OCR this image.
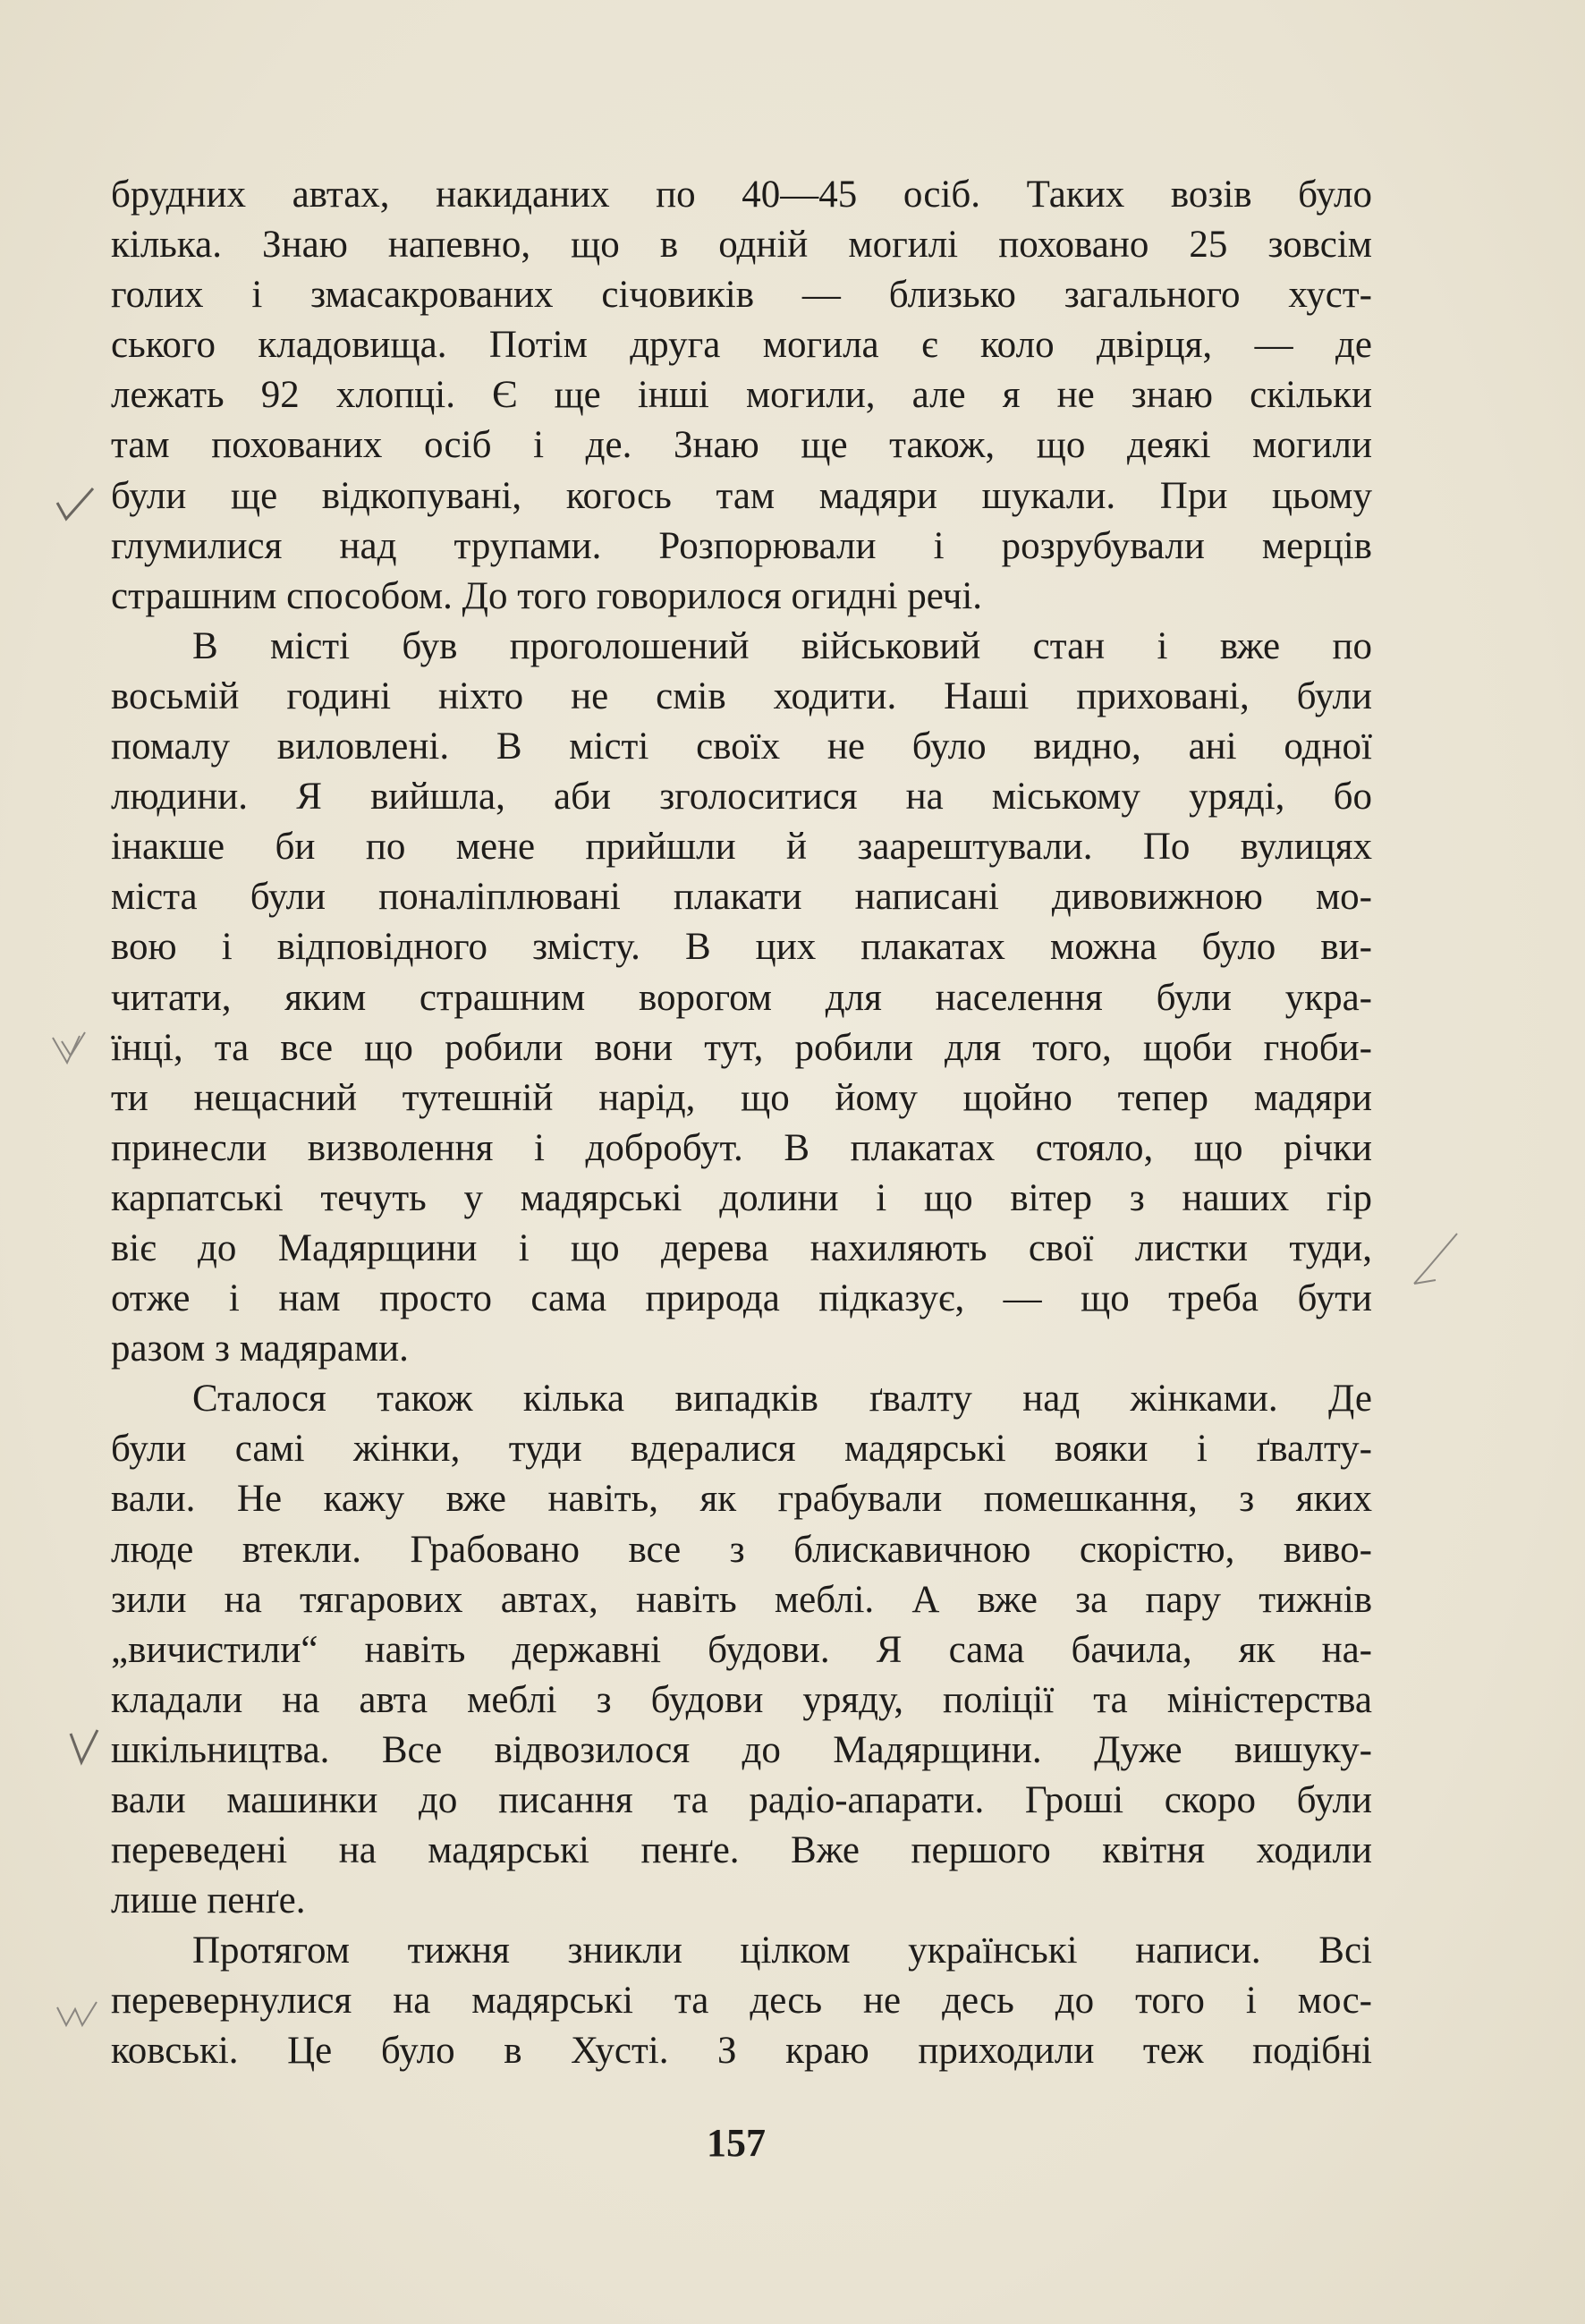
брудних автах, накиданих по 40—45 осіб. Таких возів було
кілька. Знаю напевно, що в одній могилі поховано 25 зовсім
голих і змасакрованих січовиків — близько загального хуст-
ського кладовища. Потім друга могила є коло двірця, — де
лежать 92 хлопці. Є ще інші могили, але я не знаю скільки
там похованих осіб і де. Знаю ще також, що деякі могили
були ще відкопувані, когось там мадяри шукали. При цьому
глумилися над трупами. Розпорювали і розрубували мерців
страшним способом. До того говорилося огидні речі.
В місті був проголошений військовий стан і вже по
восьмій годині ніхто не смів ходити. Наші приховані, були
помалу виловлені. В місті своїх не було видно, ані одної
людини. Я вийшла, аби зголоситися на міському уряді, бо
інакше би по мене прийшли й заарештували. По вулицях
міста були поналіплювані плакати написані дивовижною мо-
вою і відповідного змісту. В цих плакатах можна було ви-
читати, яким страшним ворогом для населення були укра-
їнці, та все що робили вони тут, робили для того, щоби гноби-
ти нещасний тутешній нарід, що йому щойно тепер мадяри
принесли визволення і добробут. В плакатах стояло, що річки
карпатські течуть у мадярські долини і що вітер з наших гір
віє до Мадярщини і що дерева нахиляють свої листки туди,
отже і нам просто сама природа підказує, — що треба бути
разом з мадярами.
Сталося також кілька випадків ґвалту над жінками. Де
були самі жінки, туди вдералися мадярські вояки і ґвалту-
вали. Не кажу вже навіть, як грабували помешкання, з яких
люде втекли. Грабовано все з блискавичною скорістю, виво-
зили на тягарових автах, навіть меблі. А вже за пару тижнів
„вичистили“ навіть державні будови. Я сама бачила, як на-
кладали на авта меблі з будови уряду, поліції та міністерства
шкільництва. Все відвозилося до Мадярщини. Дуже вишуку-
вали машинки до писання та радіо-апарати. Гроші скоро були
переведені на мадярські пенґе. Вже першого квітня ходили
лише пенґе.
Протягом тижня зникли цілком українські написи. Всі
перевернулися на мадярські та десь не десь до того і мос-
ковські. Це було в Хусті. З краю приходили теж подібні
157
